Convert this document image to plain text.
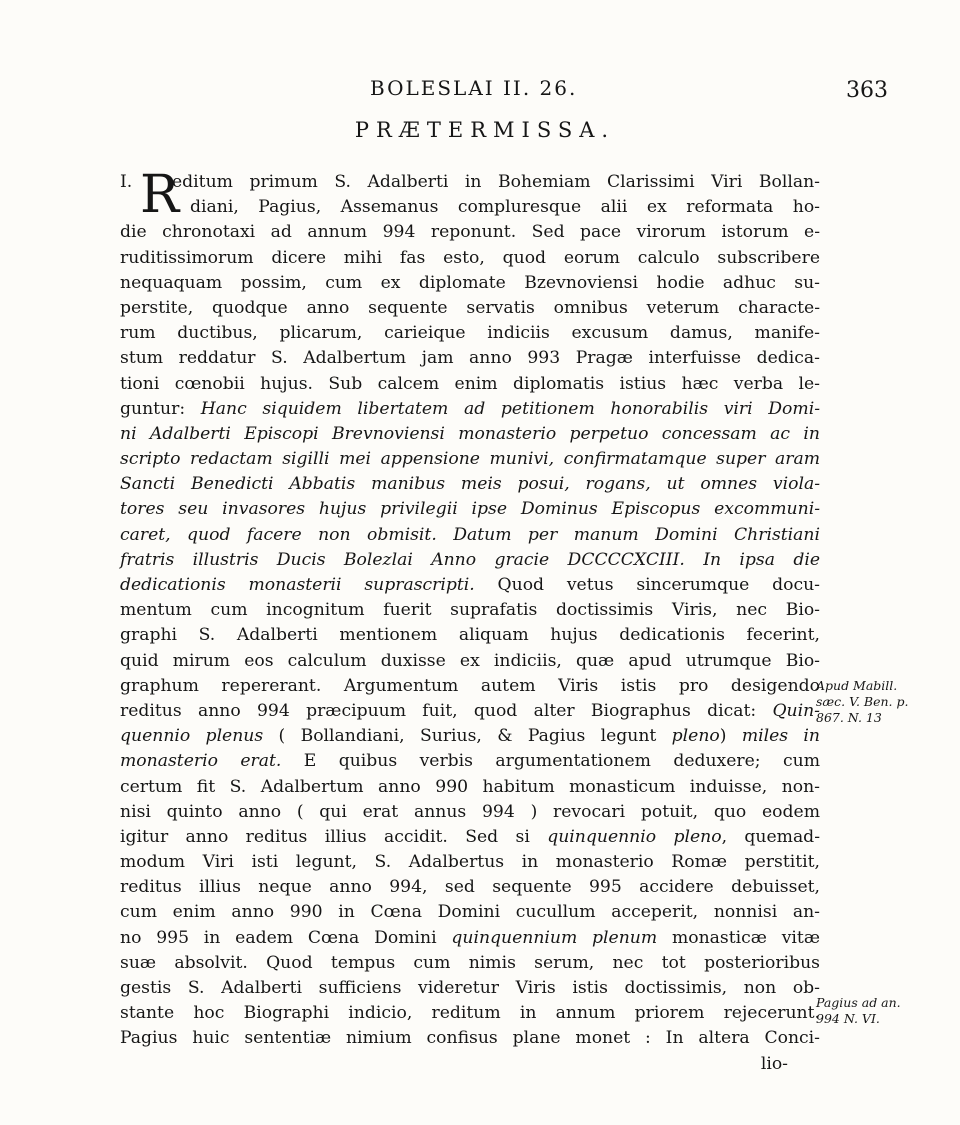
BOLESLAI II. 26.	363
PRÆTERMISSA.
I. R
editum primum S. Adalberti in Bohemiam Clarissimi Viri Bollan-
diani, Pagius, Assemanus compluresque alii ex reformata ho-
die chronotaxi ad annum 994 reponunt. Sed pace virorum istorum e-
ruditissimorum dicere mihi fas esto, quod eorum calculo subscribere
nequaquam possim, cum ex diplomate Bzevnoviensi hodie adhuc su-
perstite, quodque anno sequente servatis omnibus veterum characte-
rum ductibus, plicarum, carieique indiciis excusum damus, manife-
stum reddatur S. Adalbertum jam anno 993 Pragæ interfuisse dedica-
tioni cœnobii hujus. Sub calcem enim diplomatis istius hæc verba le-
guntur: Hanc siquidem libertatem ad petitionem honorabilis viri Domi-
ni Adalberti Episcopi Brevnoviensi monasterio perpetuo concessam ac in
scripto redactam sigilli mei appensione munivi, confirmatamque super aram
Sancti Benedicti Abbatis manibus meis posui, rogans, ut omnes viola-
tores seu invasores hujus privilegii ipse Dominus Episcopus excommuni-
caret, quod facere non obmisit. Datum per manum Domini Christiani
fratris illustris Ducis Bolezlai Anno gracie DCCCCXCIII. In ipsa die
dedicationis monasterii suprascripti. Quod vetus sincerumque docu-
mentum cum incognitum fuerit suprafatis doctissimis Viris, nec Bio-
graphi S. Adalberti mentionem aliquam hujus dedicationis fecerint,
quid mirum eos calculum duxisse ex indiciis, quæ apud utrumque Bio-
graphum repererant. Argumentum autem Viris istis pro desigendo
reditus anno 994 præcipuum fuit, quod alter Biographus dicat: Quin-
quennio plenus ( Bollandiani, Surius, & Pagius legunt pleno) miles in
monasterio erat. E quibus verbis argumentationem deduxere; cum
certum fit S. Adalbertum anno 990 habitum monasticum induisse, non-
nisi quinto anno ( qui erat annus 994 ) revocari potuit, quo eodem
igitur anno reditus illius accidit. Sed si quinquennio pleno, quemad-
modum Viri isti legunt, S. Adalbertus in monasterio Romæ perstitit,
reditus illius neque anno 994, sed sequente 995 accidere debuisset,
cum enim anno 990 in Cœna Domini cucullum acceperit, nonnisi an-
no 995 in eadem Cœna Domini quinquennium plenum monasticæ vitæ
suæ absolvit. Quod tempus cum nimis serum, nec tot posterioribus
gestis S. Adalberti sufficiens videretur Viris istis doctissimis, non ob-
stante hoc Biographi indicio, reditum in annum priorem rejecerunt.
Pagius huic sententiæ nimium confisus plane monet : In altera Conci-
lio-
Apud Mabill.
sæc. V. Ben. p.
867. N. 13
Pagius ad an.
994 N. VI.
